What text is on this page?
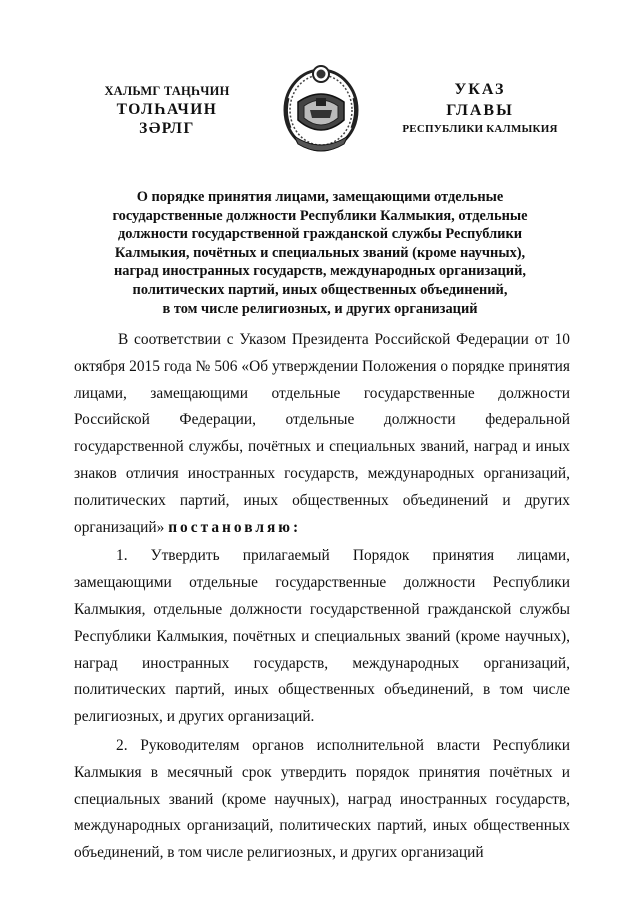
ХАЛЬМГ ТАҢҺЧИН
ТОЛҺАЧИН
ЗӘРЛГ
УКАЗ
ГЛАВЫ
РЕСПУБЛИКИ КАЛМЫКИЯ
О порядке принятия лицами, замещающими отдельные
государственные должности Республики Калмыкия, отдельные
должности государственной гражданской службы Республики
Калмыкия, почётных и специальных званий (кроме научных),
наград иностранных государств, международных организаций,
политических партий, иных общественных объединений,
в том числе религиозных, и других организаций

В соответствии с Указом Президента Российской Федерации от 10 октября 2015 года № 506 «Об утверждении Положения о порядке принятия лицами, замещающими отдельные государственные должности Российской Федерации, отдельные должности федеральной государственной службы, почётных и специальных званий, наград и иных знаков отличия иностранных государств, международных организаций, политических партий, иных общественных объединений и других организаций» постановляю:

1. Утвердить прилагаемый Порядок принятия лицами, замещающими отдельные государственные должности Республики Калмыкия, отдельные должности государственной гражданской службы Республики Калмыкия, почётных и специальных званий (кроме научных), наград иностранных государств, международных организаций, политических партий, иных общественных объединений, в том числе религиозных, и других организаций.

2. Руководителям органов исполнительной власти Республики Калмыкия в месячный срок утвердить порядок принятия почётных и специальных званий (кроме научных), наград иностранных государств, международных организаций, политических партий, иных общественных объединений, в том числе религиозных, и других организаций
